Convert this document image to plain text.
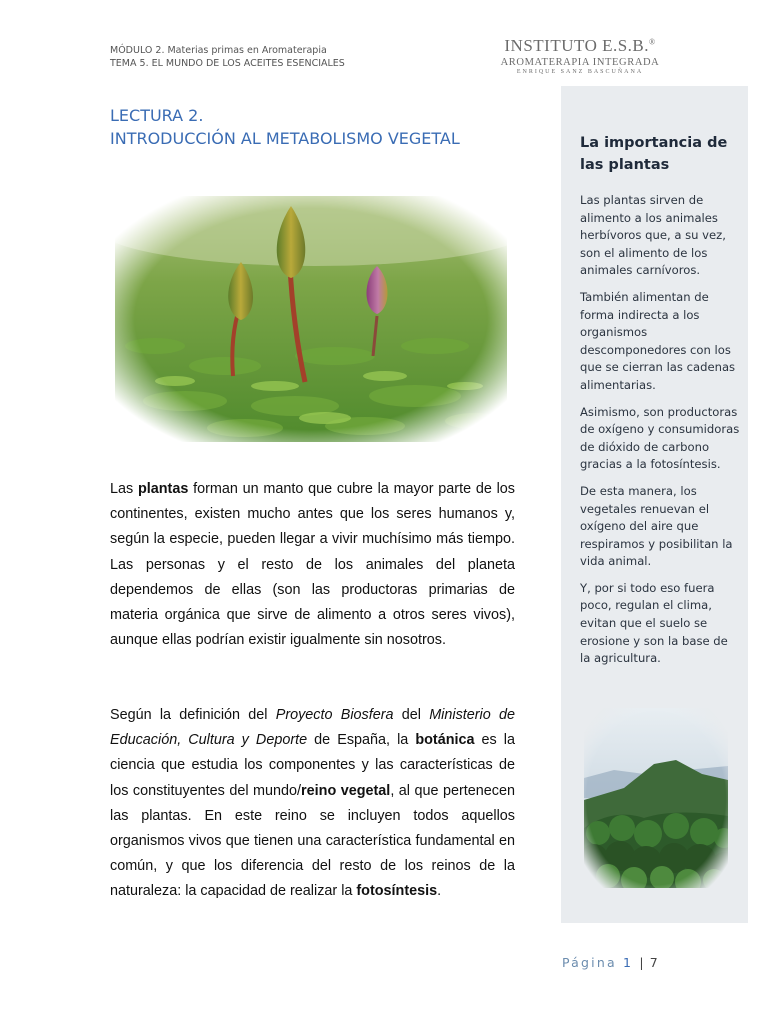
MÓDULO 2. Materias primas en Aromaterapia
TEMA 5. EL MUNDO DE LOS ACEITES ESENCIALES
INSTITUTO E.S.B.®
AROMATERAPIA INTEGRADA
ENRIQUE SANZ BASCUÑANA
LECTURA 2.
INTRODUCCIÓN AL METABOLISMO VEGETAL
Las plantas forman un manto que cubre la mayor parte de los continentes, existen mucho antes que los seres humanos y, según la especie, pueden llegar a vivir muchísimo más tiempo. Las personas y el resto de los animales del planeta dependemos de ellas (son las productoras primarias de materia orgánica que sirve de alimento a otros seres vivos), aunque ellas podrían existir igualmente sin nosotros.
Según la definición del Proyecto Biosfera del Ministerio de Educación, Cultura y Deporte de España, la botánica es la ciencia que estudia los componentes y las características de los constituyentes del mundo/reino vegetal, al que pertenecen las plantas. En este reino se incluyen todos aquellos organismos vivos que tienen una característica fundamental en común, y que los diferencia del resto de los reinos de la naturaleza: la capacidad de realizar la fotosíntesis.
La importancia de las plantas

Las plantas sirven de alimento a los animales herbívoros que, a su vez, son el alimento de los animales carnívoros.

También alimentan de forma indirecta a los organismos descomponedores con los que se cierran las cadenas alimentarias.

Asimismo, son productoras de oxígeno y consumidoras de dióxido de carbono gracias a la fotosíntesis.

De esta manera, los vegetales renuevan el oxígeno del aire que respiramos y posibilitan la vida animal.

Y, por si todo eso fuera poco, regulan el clima, evitan que el suelo se erosione y son la base de la agricultura.

Página 1 | 7
